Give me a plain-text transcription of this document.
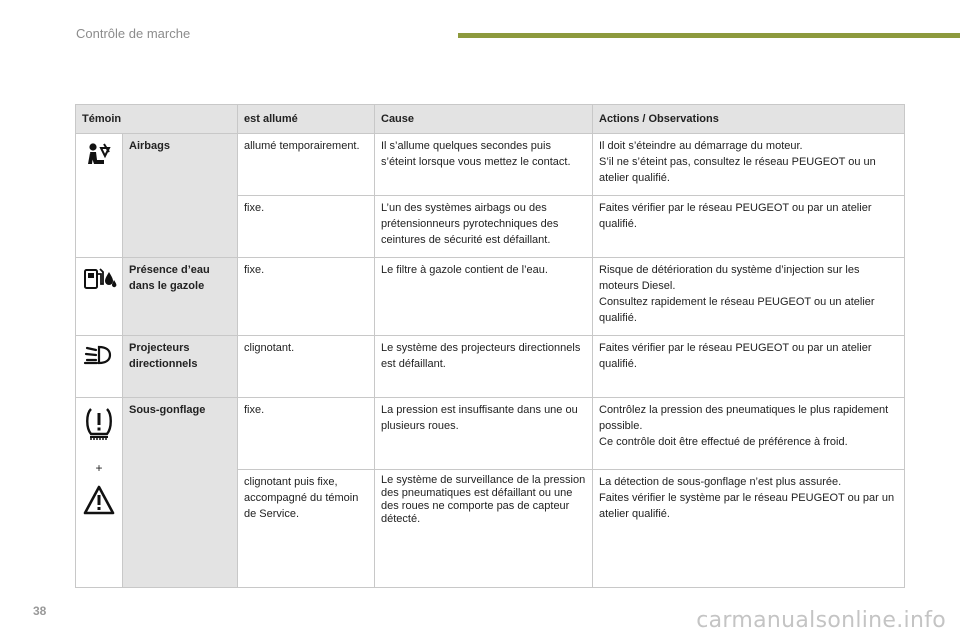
Contrôle de marche
Témoin		est allumé	Cause	Actions / Observations

	Airbags	allumé temporairement.	Il s’allume quelques secondes puis s’éteint lorsque vous mettez le contact.	Il doit s’éteindre au démarrage du moteur.
S’il ne s’éteint pas, consultez le réseau PEUGEOT ou un atelier qualifié.

		fixe.	L’un des systèmes airbags ou des prétensionneurs pyrotechniques des ceintures de sécurité est défaillant.	Faites vérifier par le réseau PEUGEOT ou par un atelier qualifié.

	Présence d’eau dans le gazole	fixe.	Le filtre à gazole contient de l’eau.	Risque de détérioration du système d’injection sur les moteurs Diesel.
Consultez rapidement le réseau PEUGEOT ou un atelier qualifié.

	Projecteurs directionnels	clignotant.	Le système des projecteurs directionnels est défaillant.	Faites vérifier par le réseau PEUGEOT ou par un atelier qualifié.

+	Sous-gonflage	fixe.	La pression est insuffisante dans une ou plusieurs roues.	Contrôlez la pression des pneumatiques le plus rapidement possible.
Ce contrôle doit être effectué de préférence à froid.

		clignotant puis fixe, accompagné du témoin de Service.	Le système de surveillance de la pression des pneumatiques est défaillant ou une des roues ne comporte pas de capteur détecté.	La détection de sous-gonflage n’est plus assurée.
Faites vérifier le système par le réseau PEUGEOT ou par un atelier qualifié.
38	carmanualsonline.info
